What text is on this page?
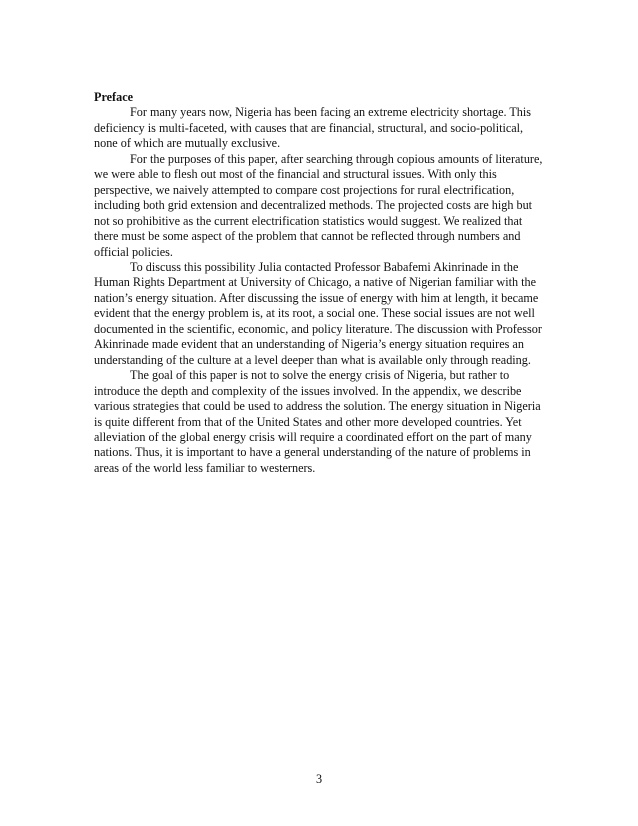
Preface

For many years now, Nigeria has been facing an extreme electricity shortage. This deficiency is multi-faceted, with causes that are financial, structural, and socio-political, none of which are mutually exclusive.

For the purposes of this paper, after searching through copious amounts of literature, we were able to flesh out most of the financial and structural issues. With only this perspective, we naively attempted to compare cost projections for rural electrification, including both grid extension and decentralized methods. The projected costs are high but not so prohibitive as the current electrification statistics would suggest. We realized that there must be some aspect of the problem that cannot be reflected through numbers and official policies.

To discuss this possibility Julia contacted Professor Babafemi Akinrinade in the Human Rights Department at University of Chicago, a native of Nigerian familiar with the nation’s energy situation. After discussing the issue of energy with him at length, it became evident that the energy problem is, at its root, a social one. These social issues are not well documented in the scientific, economic, and policy literature. The discussion with Professor Akinrinade made evident that an understanding of Nigeria’s energy situation requires an understanding of the culture at a level deeper than what is available only through reading.

The goal of this paper is not to solve the energy crisis of Nigeria, but rather to introduce the depth and complexity of the issues involved. In the appendix, we describe various strategies that could be used to address the solution. The energy situation in Nigeria is quite different from that of the United States and other more developed countries. Yet alleviation of the global energy crisis will require a coordinated effort on the part of many nations. Thus, it is important to have a general understanding of the nature of problems in areas of the world less familiar to westerners.

3
